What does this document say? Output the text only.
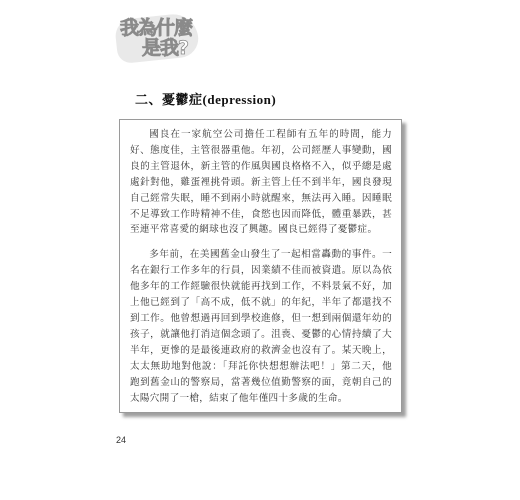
我為什麼
是我?
二、憂鬱症(depression)

國良在一家航空公司擔任工程師有五年的時間，能力好、態度佳，主管很器重他。年初，公司經歷人事變動，國良的主管退休，新主管的作風與國良格格不入，似乎總是處處針對他，雞蛋裡挑骨頭。新主管上任不到半年，國良發現自己經常失眠，睡不到兩小時就醒來，無法再入睡。因睡眠不足導致工作時精神不佳，食慾也因而降低，體重暴跌，甚至連平常喜愛的網球也沒了興趣。國良已經得了憂鬱症。

多年前，在美國舊金山發生了一起相當轟動的事件。一名在銀行工作多年的行員，因業績不佳而被資遣。原以為依他多年的工作經驗很快就能再找到工作，不料景氣不好，加上他已經到了「高不成，低不就」的年紀，半年了都還找不到工作。他曾想過再回到學校進修，但一想到兩個還年幼的孩子，就讓他打消這個念頭了。沮喪、憂鬱的心情持續了大半年，更慘的是最後連政府的救濟金也沒有了。某天晚上，太太無助地對他說：「拜託你快想想辦法吧！」第二天，他跑到舊金山的警察局，當著幾位值勤警察的面，竟朝自己的太陽穴開了一槍，結束了他年僅四十多歲的生命。

24
